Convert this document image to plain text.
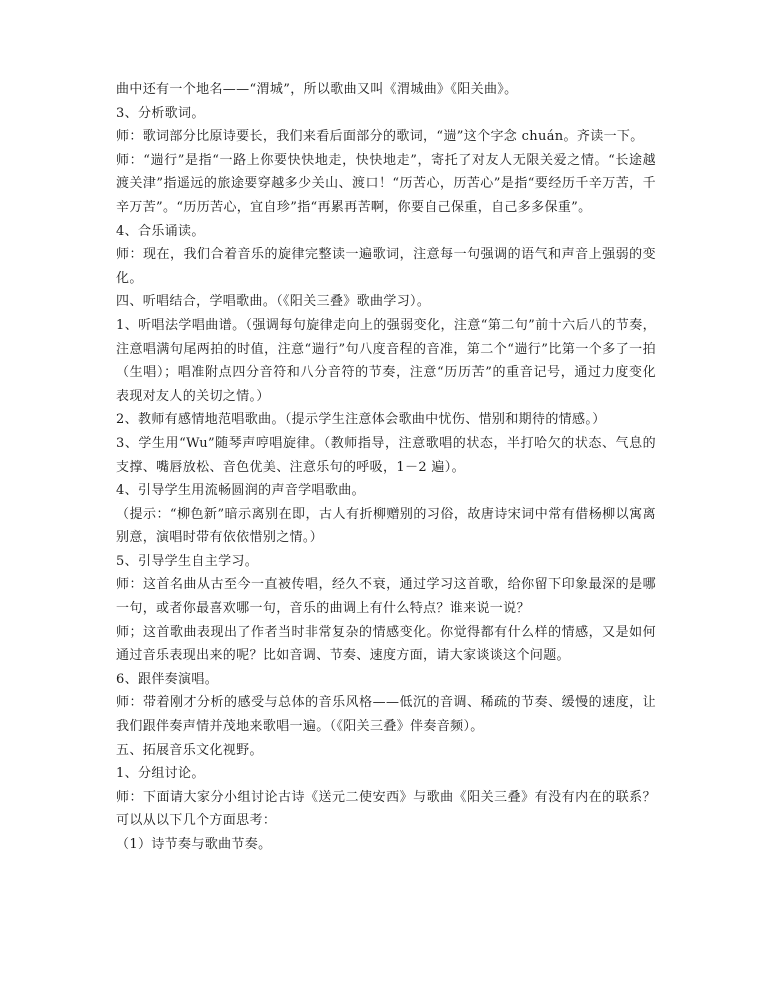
曲中还有一个地名——“渭城”，所以歌曲又叫《渭城曲》《阳关曲》。

3、分析歌词。

师：歌词部分比原诗要长，我们来看后面部分的歌词，“遄”这个字念 chuán。齐读一下。

师：“遄行”是指“一路上你要快快地走，快快地走”，寄托了对友人无限关爱之情。“长途越渡关津”指遥远的旅途要穿越多少关山、渡口！“历苦心，历苦心”是指“要经历千辛万苦，千辛万苦”。“历历苦心，宜自珍”指“再累再苦啊，你要自己保重，自己多多保重”。

4、合乐诵读。

师：现在，我们合着音乐的旋律完整读一遍歌词，注意每一句强调的语气和声音上强弱的变化。

四、听唱结合，学唱歌曲。（《阳关三叠》歌曲学习）。

1、听唱法学唱曲谱。（强调每句旋律走向上的强弱变化，注意“第二句”前十六后八的节奏，注意唱满句尾两拍的时值，注意“遄行”句八度音程的音准，第二个“遄行”比第一个多了一拍（生唱）；唱准附点四分音符和八分音符的节奏，注意“历历苦”的重音记号，通过力度变化表现对友人的关切之情。）

2、教师有感情地范唱歌曲。（提示学生注意体会歌曲中忧伤、惜别和期待的情感。）

3、学生用“Wu”随琴声哼唱旋律。（教师指导，注意歌唱的状态，半打哈欠的状态、气息的支撑、嘴唇放松、音色优美、注意乐句的呼吸，1－2 遍）。

4、引导学生用流畅圆润的声音学唱歌曲。

（提示：“柳色新”暗示离别在即，古人有折柳赠别的习俗，故唐诗宋词中常有借杨柳以寓离别意，演唱时带有依依惜别之情。）

5、引导学生自主学习。

师：这首名曲从古至今一直被传唱，经久不衰，通过学习这首歌，给你留下印象最深的是哪一句，或者你最喜欢哪一句，音乐的曲调上有什么特点？谁来说一说？

师；这首歌曲表现出了作者当时非常复杂的情感变化。你觉得都有什么样的情感，又是如何通过音乐表现出来的呢？比如音调、节奏、速度方面，请大家谈谈这个问题。

6、跟伴奏演唱。

师：带着刚才分析的感受与总体的音乐风格——低沉的音调、稀疏的节奏、缓慢的速度，让我们跟伴奏声情并茂地来歌唱一遍。（《阳关三叠》伴奏音频）。

五、拓展音乐文化视野。

1、分组讨论。

师：下面请大家分小组讨论古诗《送元二使安西》与歌曲《阳关三叠》有没有内在的联系？可以从以下几个方面思考：

（1）诗节奏与歌曲节奏。
